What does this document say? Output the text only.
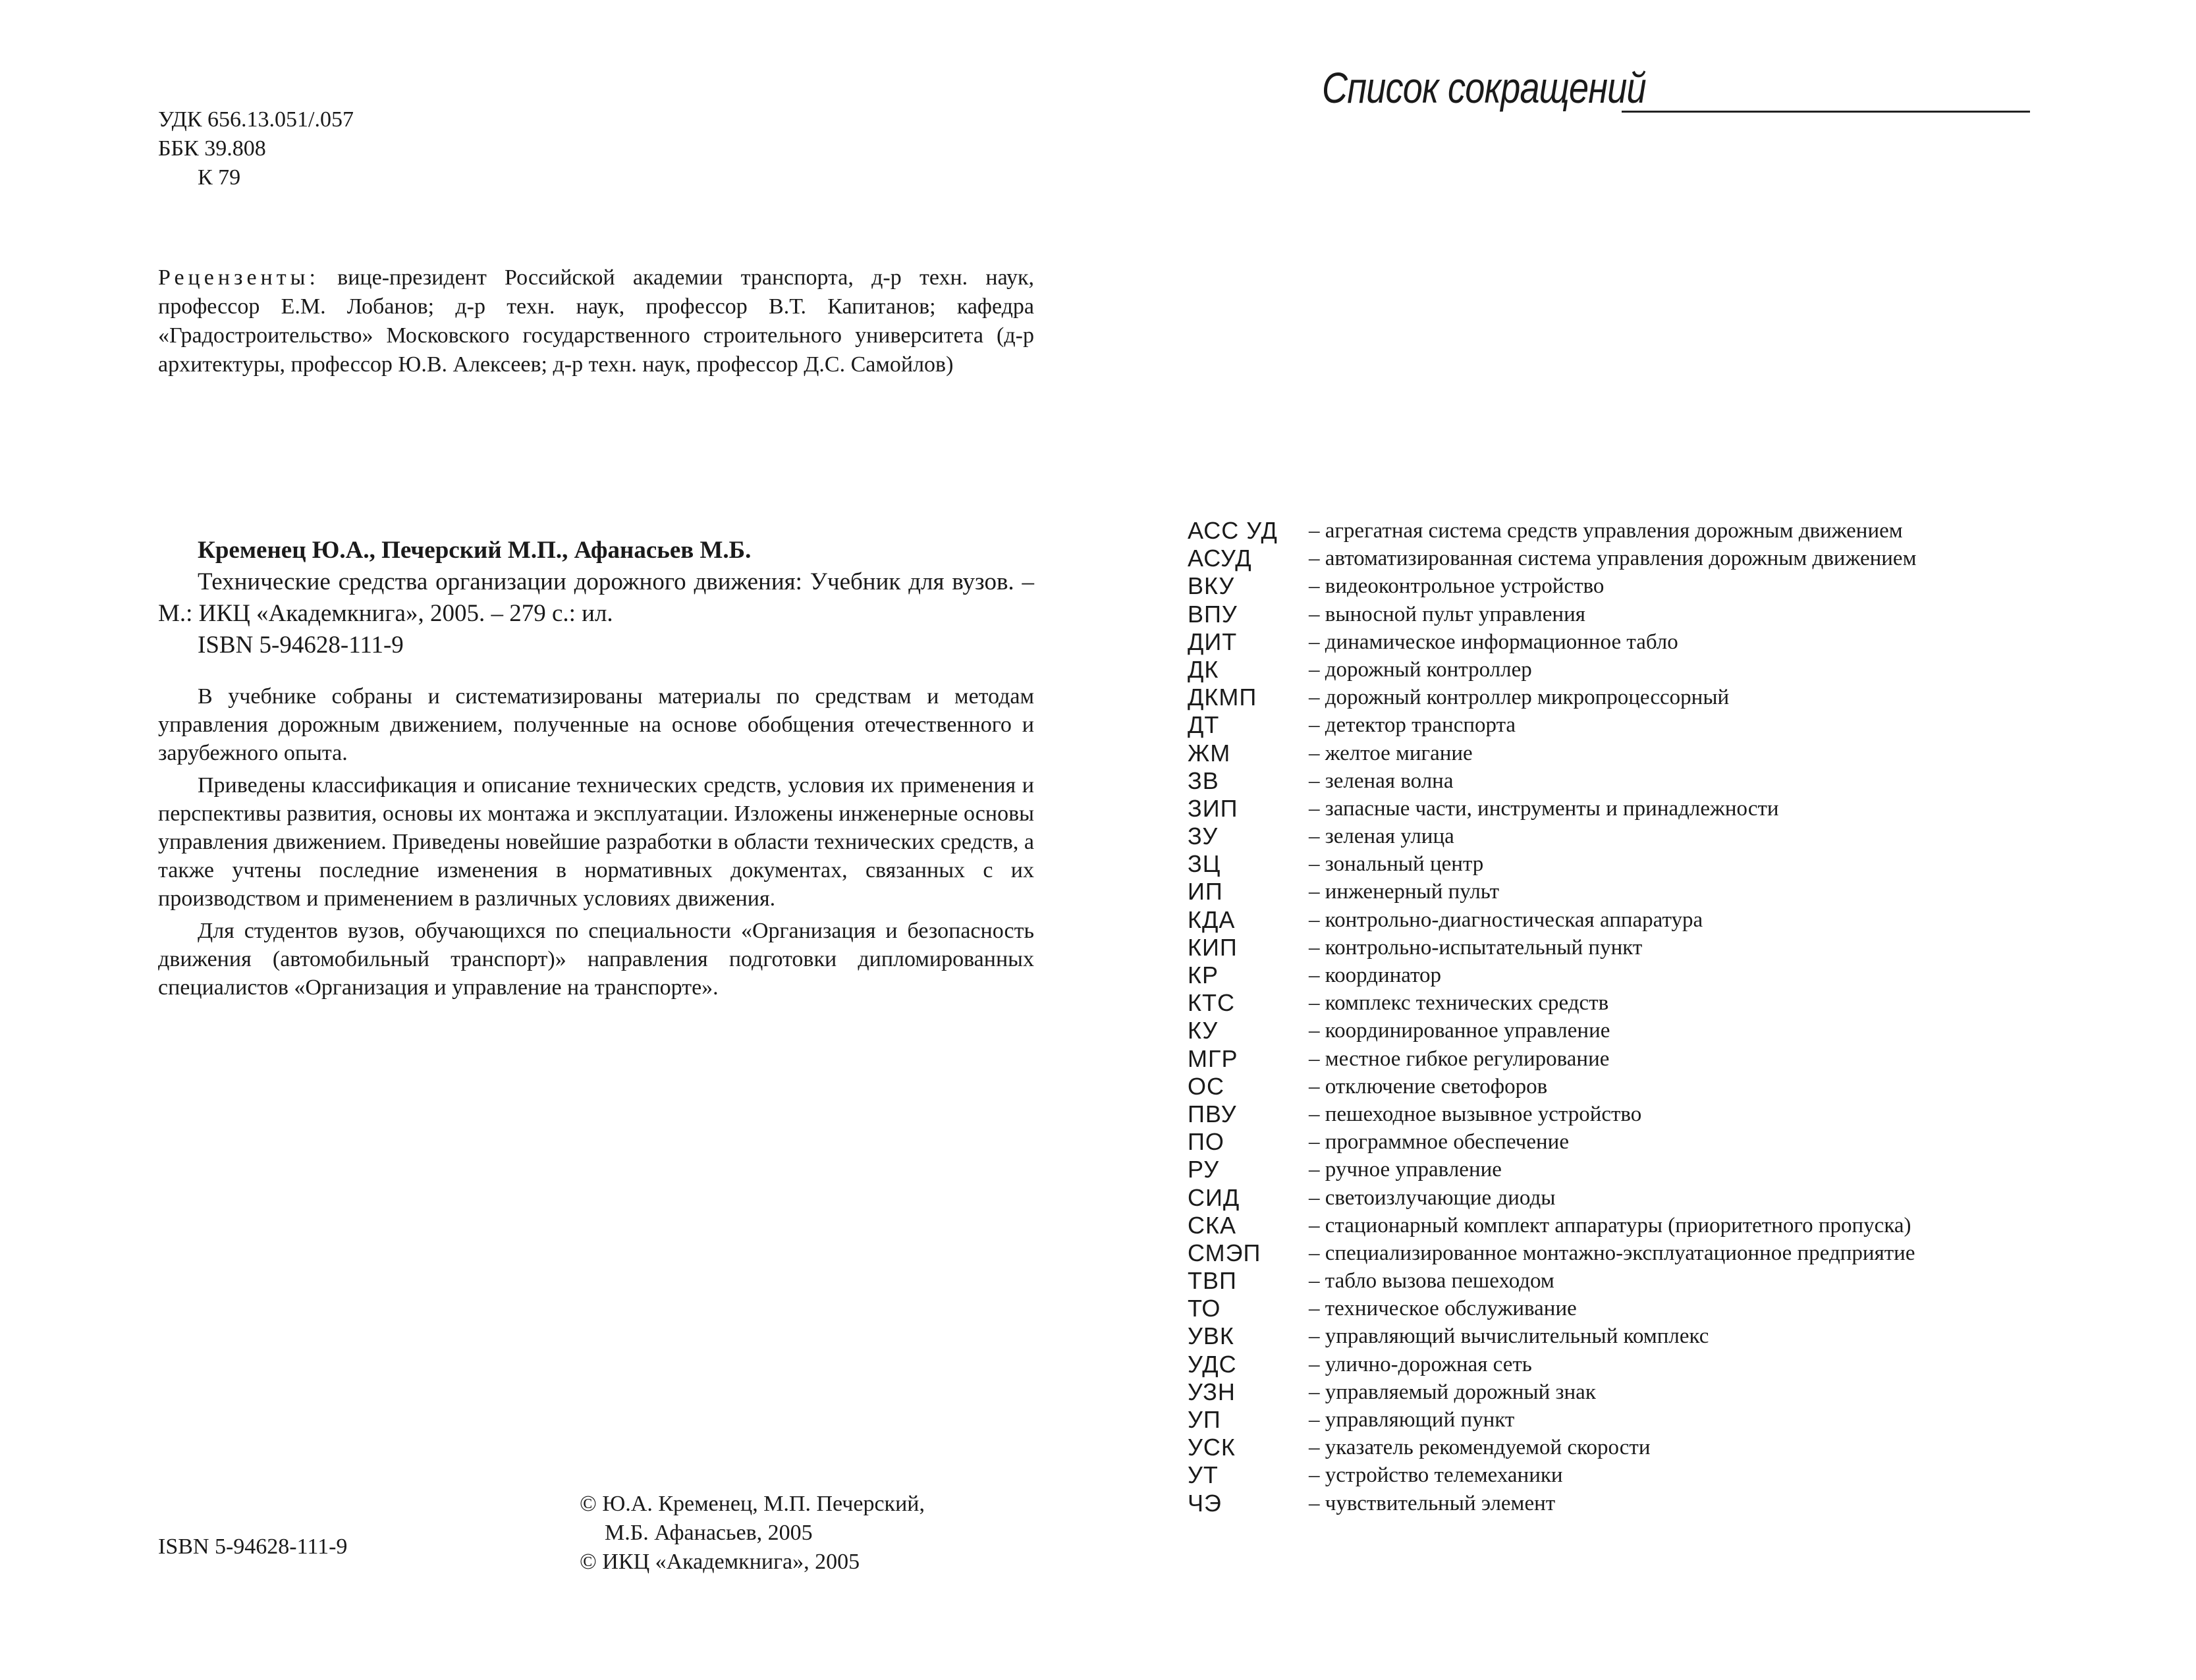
УДК 656.13.051/.057
ББК 39.808
К 79
Рецензенты: вице-президент Российской академии транспорта, д-р техн. наук, профессор Е.М. Лобанов; д-р техн. наук, профессор В.Т. Капитанов; кафедра «Градостроительство» Московского государственного строительного университета (д-р архитектуры, профессор Ю.В. Алексеев; д-р техн. наук, профессор Д.С. Самойлов)
Кременец Ю.А., Печерский М.П., Афанасьев М.Б.
Технические средства организации дорожного движения: Учебник для вузов. – М.: ИКЦ «Академкнига», 2005. – 279 с.: ил.
ISBN 5-94628-111-9

В учебнике собраны и систематизированы материалы по средствам и методам управления дорожным движением, полученные на основе обобщения отечественного и зарубежного опыта.

Приведены классификация и описание технических средств, условия их применения и перспективы развития, основы их монтажа и эксплуатации. Изложены инженерные основы управления движением. Приведены новейшие разработки в области технических средств, а также учтены последние изменения в нормативных документах, связанных с их производством и применением в различных условиях движения.

Для студентов вузов, обучающихся по специальности «Организация и безопасность движения (автомобильный транспорт)» направления подготовки дипломированных специалистов «Организация и управление на транспорте».

© Ю.А. Кременец, М.П. Печерский,
М.Б. Афанасьев, 2005
© ИКЦ «Академкнига», 2005
ISBN 5-94628-111-9
Список сокращений
АСС УД	– агрегатная система средств управления дорожным движением
АСУД	– автоматизированная система управления дорожным движением
ВКУ	– видеоконтрольное устройство
ВПУ	– выносной пульт управления
ДИТ	– динамическое информационное табло
ДК	– дорожный контроллер
ДКМП	– дорожный контроллер микропроцессорный
ДТ	– детектор транспорта
ЖМ	– желтое мигание
ЗВ	– зеленая волна
ЗИП	– запасные части, инструменты и принадлежности
ЗУ	– зеленая улица
ЗЦ	– зональный центр
ИП	– инженерный пульт
КДА	– контрольно-диагностическая аппаратура
КИП	– контрольно-испытательный пункт
КР	– координатор
КТС	– комплекс технических средств
КУ	– координированное управление
МГР	– местное гибкое регулирование
ОС	– отключение светофоров
ПВУ	– пешеходное вызывное устройство
ПО	– программное обеспечение
РУ	– ручное управление
СИД	– светоизлучающие диоды
СКА	– стационарный комплект аппаратуры (приоритетного пропуска)
СМЭП	– специализированное монтажно-эксплуатационное предприятие
ТВП	– табло вызова пешеходом
ТО	– техническое обслуживание
УВК	– управляющий вычислительный комплекс
УДС	– улично-дорожная сеть
УЗН	– управляемый дорожный знак
УП	– управляющий пункт
УСК	– указатель рекомендуемой скорости
УТ	– устройство телемеханики
ЧЭ	– чувствительный элемент
